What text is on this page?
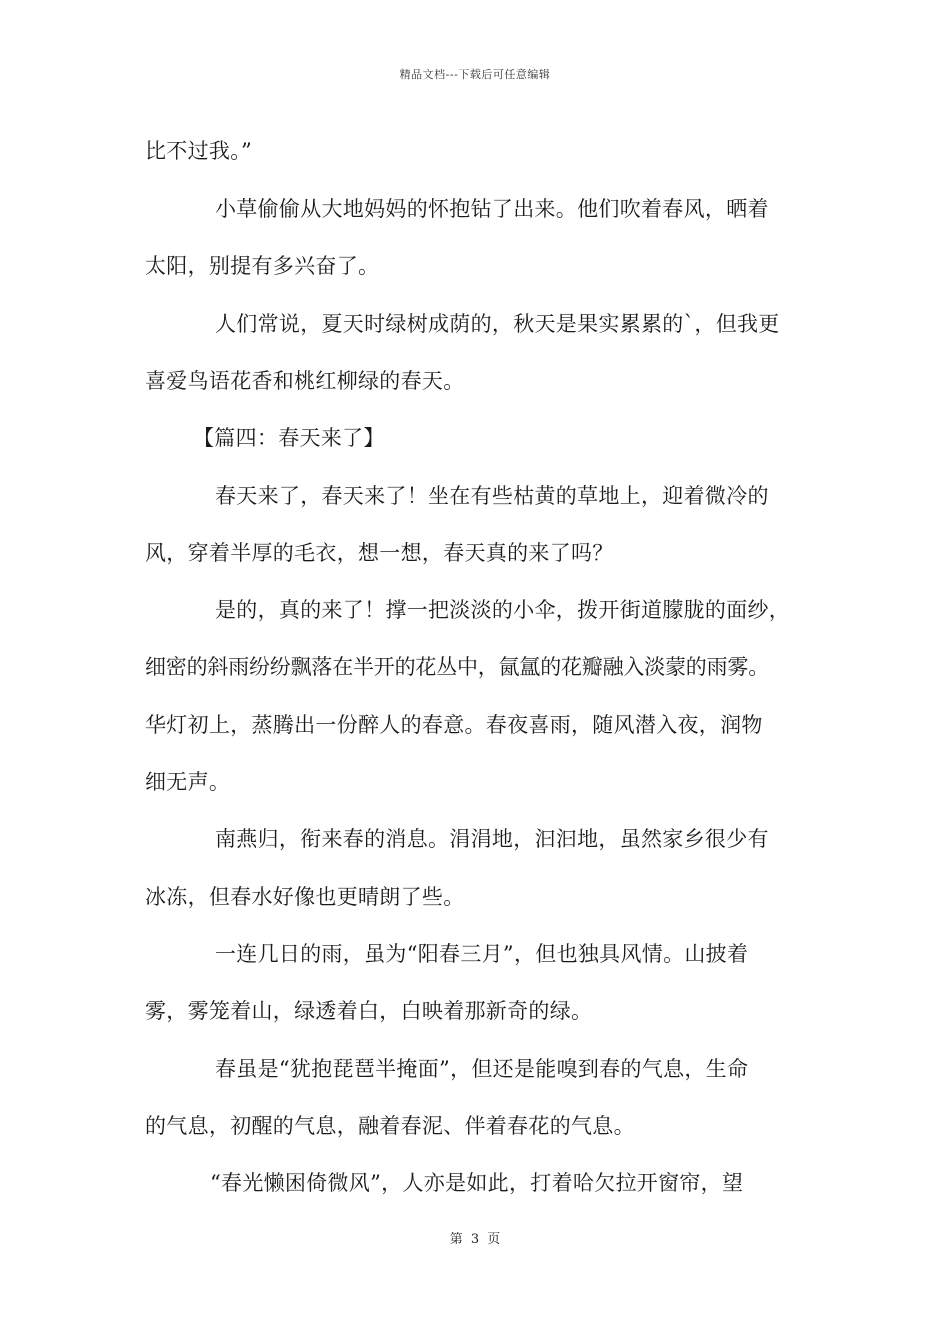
精品文档---下载后可任意编辑
比不过我。”
小草偷偷从大地妈妈的怀抱钻了出来。他们吹着春风，晒着
太阳，别提有多兴奋了。
人们常说，夏天时绿树成荫的，秋天是果实累累的`，但我更
喜爱鸟语花香和桃红柳绿的春天。
【篇四：春天来了】
春天来了，春天来了！坐在有些枯黄的草地上，迎着微冷的
风，穿着半厚的毛衣，想一想，春天真的来了吗？
是的，真的来了！撑一把淡淡的小伞，拨开街道朦胧的面纱，
细密的斜雨纷纷飘落在半开的花丛中，氤氲的花瓣融入淡蒙的雨雾。
华灯初上，蒸腾出一份醉人的春意。春夜喜雨，随风潜入夜，润物
细无声。
南燕归，衔来春的消息。涓涓地，汩汩地，虽然家乡很少有
冰冻，但春水好像也更晴朗了些。
一连几日的雨，虽为“阳春三月”，但也独具风情。山披着
雾，雾笼着山，绿透着白，白映着那新奇的绿。
春虽是“犹抱琵琶半掩面”，但还是能嗅到春的气息，生命
的气息，初醒的气息，融着春泥、伴着春花的气息。
“春光懒困倚微风”，人亦是如此，打着哈欠拉开窗帘，望
第 3 页
